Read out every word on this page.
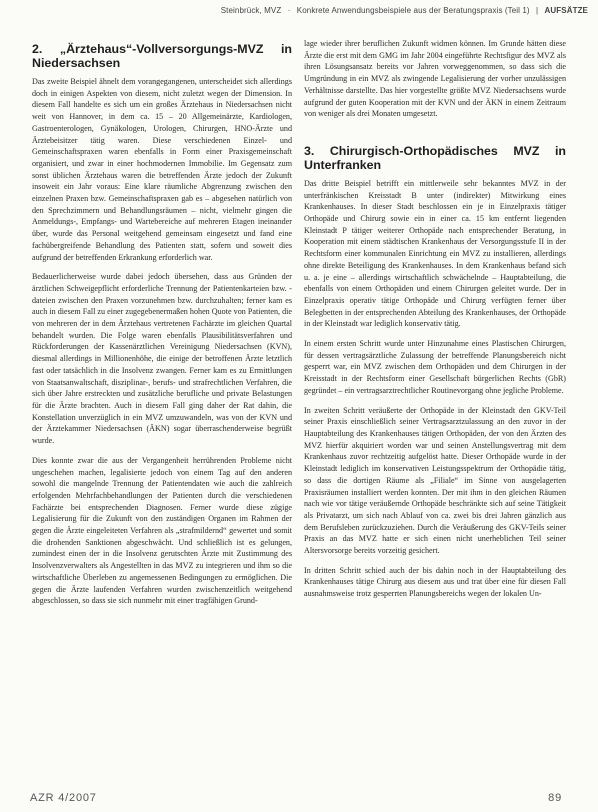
Steinbrück, MVZ · Konkrete Anwendungsbeispiele aus der Beratungspraxis (Teil 1) | AUFSÄTZE
2. „Ärztehaus“-Vollversorgungs-MVZ in Niedersachsen

Das zweite Beispiel ähnelt dem vorangegangenen, unterscheidet sich allerdings doch in einigen Aspekten von diesem, nicht zuletzt wegen der Dimension. In diesem Fall handelte es sich um ein großes Ärztehaus in Niedersachsen nicht weit von Hannover, in dem ca. 15 – 20 Allgemeinärzte, Kardiologen, Gastroenterologen, Gynäkologen, Urologen, Chirurgen, HNO-Ärzte und Ärztebeisitzer tätig waren. Diese verschiedenen Einzel- und Gemeinschaftspraxen waren ebenfalls in Form einer Praxisgemeinschaft organisiert, und zwar in einer hochmodernen Immobilie. Im Gegensatz zum sonst üblichen Ärztehaus waren die betreffenden Ärzte jedoch der Zukunft insoweit ein Jahr voraus: Eine klare räumliche Abgrenzung zwischen den einzelnen Praxen bzw. Gemeinschaftspraxen gab es – abgesehen natürlich von den Sprechzimmern und Behandlungsräumen – nicht, vielmehr gingen die Anmeldungs-, Empfangs- und Wartebereiche auf mehreren Etagen ineinander über, wurde das Personal weitgehend gemeinsam eingesetzt und fand eine fachübergreifende Behandlung des Patienten statt, sofern und soweit dies aufgrund der betreffenden Erkrankung erforderlich war.

Bedauerlicherweise wurde dabei jedoch übersehen, dass aus Gründen der ärztlichen Schweigepflicht erforderliche Trennung der Patientenkarteien bzw. -dateien zwischen den Praxen vorzunehmen bzw. durchzuhalten; ferner kam es auch in diesem Fall zu einer zugegebenermaßen hohen Quote von Patienten, die von mehreren der in dem Ärztehaus vertretenen Fachärzte im gleichen Quartal behandelt wurden. Die Folge waren ebenfalls Plausibilitätsverfahren und Rückforderungen der Kassenärztlichen Vereinigung Niedersachsen (KVN), diesmal allerdings in Millionenhöhe, die einige der betroffenen Ärzte letztlich fast oder tatsächlich in die Insolvenz zwangen. Ferner kam es zu Ermittlungen von Staatsanwaltschaft, disziplinar-, berufs- und strafrechtlichen Verfahren, die sich über Jahre erstreckten und zusätzliche berufliche und private Belastungen für die Ärzte brachten. Auch in diesem Fall ging daher der Rat dahin, die Konstellation unverzüglich in ein MVZ umzuwandeln, was von der KVN und der Ärztekammer Niedersachsen (ÄKN) sogar überraschenderweise begrüßt wurde.

Dies konnte zwar die aus der Vergangenheit herrührenden Probleme nicht ungeschehen machen, legalisierte jedoch von einem Tag auf den anderen sowohl die mangelnde Trennung der Patientendaten wie auch die zahlreich erfolgenden Mehrfachbehandlungen der Patienten durch die verschiedenen Fachärzte bei entsprechenden Diagnosen. Ferner wurde diese zügige Legalisierung für die Zukunft von den zuständigen Organen im Rahmen der gegen die Ärzte eingeleiteten Verfahren als „strafmildernd“ gewertet und somit die drohenden Sanktionen abgeschwächt. Und schließlich ist es gelungen, zumindest einen der in die Insolvenz gerutschten Ärzte mit Zustimmung des Insolvenzverwalters als Angestellten in das MVZ zu integrieren und ihm so die wirtschaftliche Überleben zu angemessenen Bedingungen zu ermöglichen. Die gegen die Ärzte laufenden Verfahren wurden zwischenzeitlich weitgehend abgeschlossen, so dass sie sich nunmehr mit einer tragfähigen Grund-

lage wieder ihrer beruflichen Zukunft widmen können. Im Grunde hätten diese Ärzte die erst mit dem GMG im Jahr 2004 eingeführte Rechtsfigur des MVZ als ihren Lösungsansatz bereits vor Jahren vorweggenommen, so dass sich die Umgründung in ein MVZ als zwingende Legalisierung der vorher unzulässigen Verhältnisse darstellte. Das hier vorgestellte größte MVZ Niedersachsens wurde aufgrund der guten Kooperation mit der KVN und der ÄKN in einem Zeitraum von weniger als drei Monaten umgesetzt.

3. Chirurgisch-Orthopädisches MVZ in Unterfranken

Das dritte Beispiel betrifft ein mittlerweile sehr bekanntes MVZ in der unterfränkischen Kreisstadt B unter (indirekter) Mitwirkung eines Krankenhauses. In dieser Stadt beschlossen ein je in Einzelpraxis tätiger Orthopäde und Chirurg sowie ein in einer ca. 15 km entfernt liegenden Kleinstadt P tätiger weiterer Orthopäde nach entsprechender Beratung, in Kooperation mit einem städtischen Krankenhaus der Versorgungsstufe II in der Rechtsform einer kommunalen Einrichtung ein MVZ zu installieren, allerdings ohne direkte Beteiligung des Krankenhauses. In dem Krankenhaus befand sich u. a. je eine – allerdings wirtschaftlich schwächelnde – Hauptabteilung, die ebenfalls von einem Orthopäden und einem Chirurgen geleitet wurde. Der in Einzelpraxis operativ tätige Orthopäde und Chirurg verfügten ferner über Belegbetten in der entsprechenden Abteilung des Krankenhauses, der Orthopäde in der Kleinstadt war lediglich konservativ tätig.

In einem ersten Schritt wurde unter Hinzunahme eines Plastischen Chirurgen, für dessen vertragsärztliche Zulassung der betreffende Planungsbereich nicht gesperrt war, ein MVZ zwischen dem Orthopäden und dem Chirurgen in der Kreisstadt in der Rechtsform einer Gesellschaft bürgerlichen Rechts (GbR) gegründet – ein vertragsarztrechtlicher Routinevorgang ohne jegliche Probleme.

In zweiten Schritt veräußerte der Orthopäde in der Kleinstadt den GKV-Teil seiner Praxis einschließlich seiner Vertragsarztzulassung an den zuvor in der Hauptabteilung des Krankenhauses tätigen Orthopäden, der von den Ärzten des MVZ hierfür akquiriert worden war und seinen Anstellungsvertrag mit dem Krankenhaus zuvor rechtzeitig aufgelöst hatte. Dieser Orthopäde wurde in der Kleinstadt lediglich im konservativen Leistungsspektrum der Orthopädie tätig, so dass die dortigen Räume als „Filiale“ im Sinne von ausgelagerten Praxisräumen installiert werden konnten. Der mit ihm in den gleichen Räumen nach wie vor tätige veräußernde Orthopäde beschränkte sich auf seine Tätigkeit als Privatarzt, um sich nach Ablauf von ca. zwei bis drei Jahren gänzlich aus dem Berufsleben zurückzuziehen. Durch die Veräußerung des GKV-Teils seiner Praxis an das MVZ hatte er sich einen nicht unerheblichen Teil seiner Altersvorsorge bereits vorzeitig gesichert.

In dritten Schritt schied auch der bis dahin noch in der Hauptabteilung des Krankenhauses tätige Chirurg aus diesem aus und trat über eine für diesen Fall ausnahmsweise trotz gesperrten Planungsbereichs wegen der lokalen Un-

AZR 4/2007	89
